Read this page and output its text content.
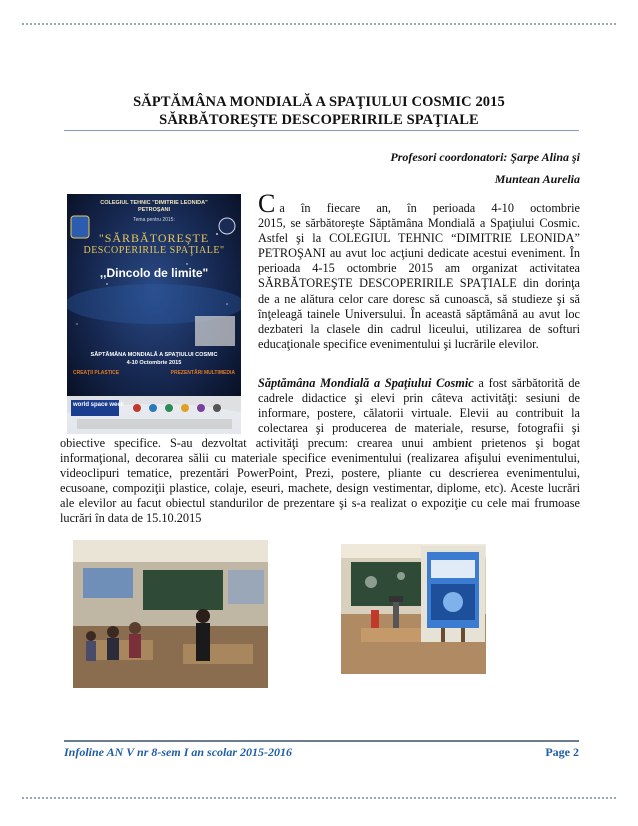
SĂPTĂMÂNA MONDIALĂ A SPAŢIULUI COSMIC 2015
SĂRBĂTOREŞTE DESCOPERIRILE SPAŢIALE
Profesori coordonatori: Şarpe Alina şi
Muntean Aurelia
COLEGIUL TEHNIC "DIMITRIE LEONIDA"
PETROŞANI
Tema pentru 2015:
"SĂRBĂTOREŞTE
DESCOPERIRILE SPAŢIALE"
,,Dincolo de limite"
SĂPTĂMÂNA MONDIALĂ A SPAŢIULUI COSMIC
4-10 Octombrie 2015
CREAŢII PLASTICE	PREZENTĂRI MULTIMEDIA
world space week
C a în fiecare an, în perioada 4-10 octombrie
2015, se sărbătoreşte Săptămâna Mondială a Spaţiului Cosmic.
Astfel şi la COLEGIUL TEHNIC “DIMITRIE LEONIDA”
PETROŞANI au avut loc acţiuni dedicate acestui eveniment. În
perioada 4-15 octombrie 2015 am organizat activitatea
SĂRBĂTOREŞTE DESCOPERIRILE SPAŢIALE din dorinţa
de a ne alătura celor care doresc să cunoască, să studieze şi să
înţeleagă tainele Universului. În această săptămână au avut loc
dezbateri la clasele din cadrul liceului, utilizarea de softuri
educaţionale specifice evenimentului şi lucrările elevilor.
Săptămâna Mondială a Spaţiului Cosmic a fost sărbătorită de
cadrele didactice şi elevi prin câteva activităţi: sesiuni de
informare, postere, călatorii virtuale. Elevii au contribuit la
colectarea şi producerea de materiale, resurse, fotografii şi
obiective specifice. S-au dezvoltat activităţi precum: crearea unui ambient prietenos şi bogat
informaţional, decorarea sălii cu materiale specifice evenimentului (realizarea afişului evenimentului,
videoclipuri tematice, prezentări PowerPoint, Prezi, postere, pliante cu descrierea evenimentului,
ecusoane, compoziţii plastice, colaje, eseuri, machete, design vestimentar, diplome, etc). Aceste lucrări
ale elevilor au facut obiectul standurilor de prezentare şi s-a realizat o expoziţie cu cele mai frumoase
lucrări în data de 15.10.2015
Infoline AN V nr 8-sem I an scolar 2015-2016	Page 2
